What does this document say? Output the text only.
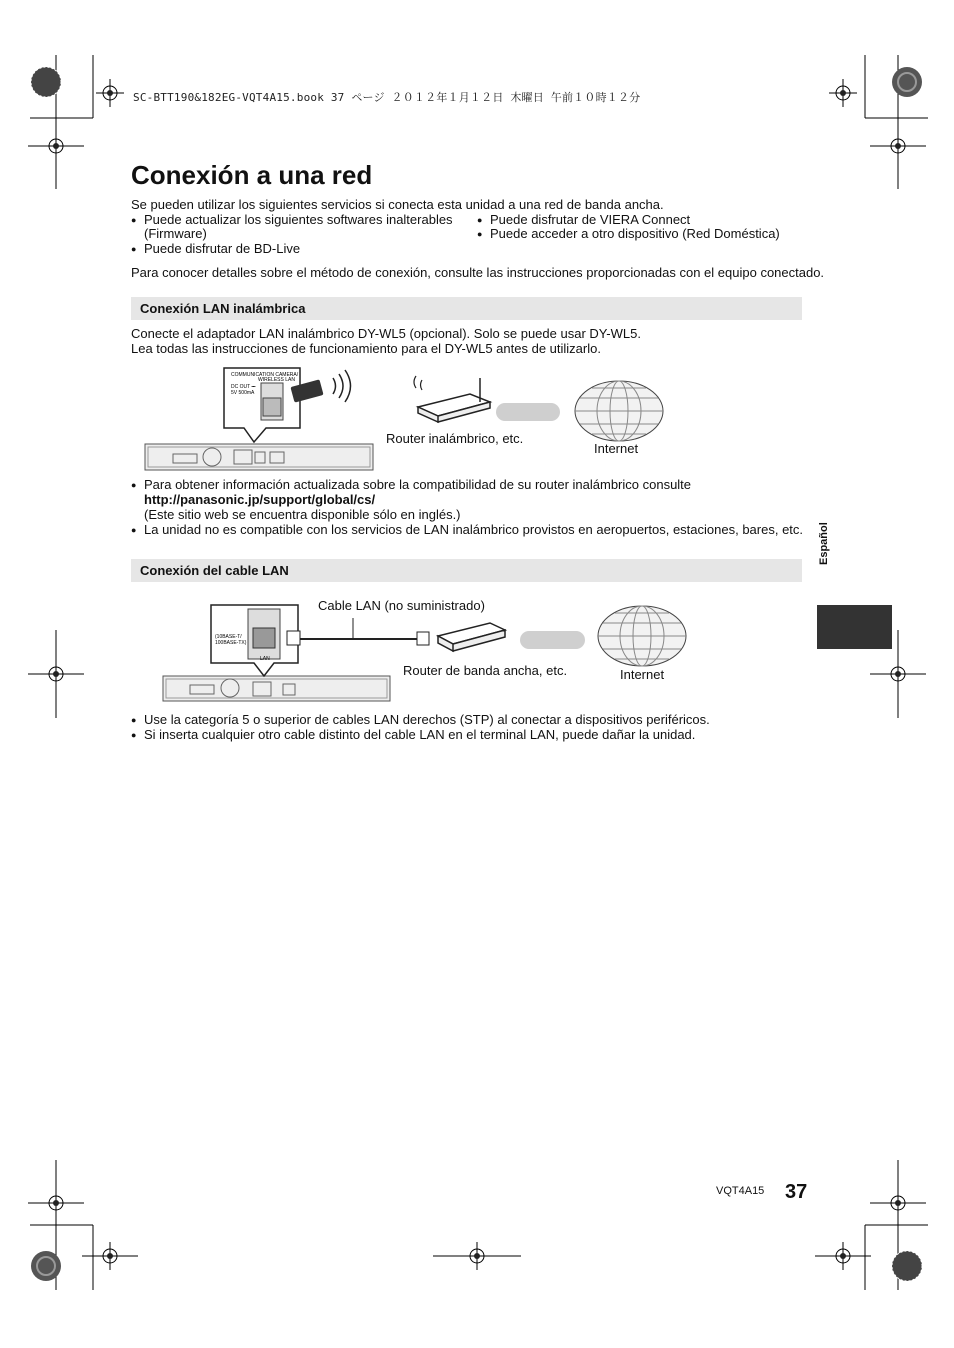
SC-BTT190&182EG-VQT4A15.book 37 ページ ２０１２年１月１２日 木曜日 午前１０時１２分
Conexión a una red
Se pueden utilizar los siguientes servicios si conecta esta unidad a una red de banda ancha.
● Puede actualizar los siguientes softwares inalterables
(Firmware)
● Puede disfrutar de BD-Live
● Puede disfrutar de VIERA Connect
● Puede acceder a otro dispositivo (Red Doméstica)
Para conocer detalles sobre el método de conexión, consulte las instrucciones proporcionadas con el equipo conectado.
Conexión LAN inalámbrica
Conecte el adaptador LAN inalámbrico DY-WL5 (opcional). Solo se puede usar DY-WL5.
Lea todas las instrucciones de funcionamiento para el DY-WL5 antes de utilizarlo.
COMMUNICATION CAMERA/
WIRELESS LAN
DC OUT ⎓
5V 500mA
Router inalámbrico, etc.
Internet
● Para obtener información actualizada sobre la compatibilidad de su router inalámbrico consulte
http://panasonic.jp/support/global/cs/
(Este sitio web se encuentra disponible sólo en inglés.)
● La unidad no es compatible con los servicios de LAN inalámbrico provistos en aeropuertos, estaciones, bares, etc.
Conexión del cable LAN
(10BASE-T/
100BASE-TX)
LAN
Cable LAN (no suministrado)
Router de banda ancha, etc.	Internet
● Use la categoría 5 o superior de cables LAN derechos (STP) al conectar a dispositivos periféricos.
● Si inserta cualquier otro cable distinto del cable LAN en el terminal LAN, puede dañar la unidad.
Español
VQT4A15 37
